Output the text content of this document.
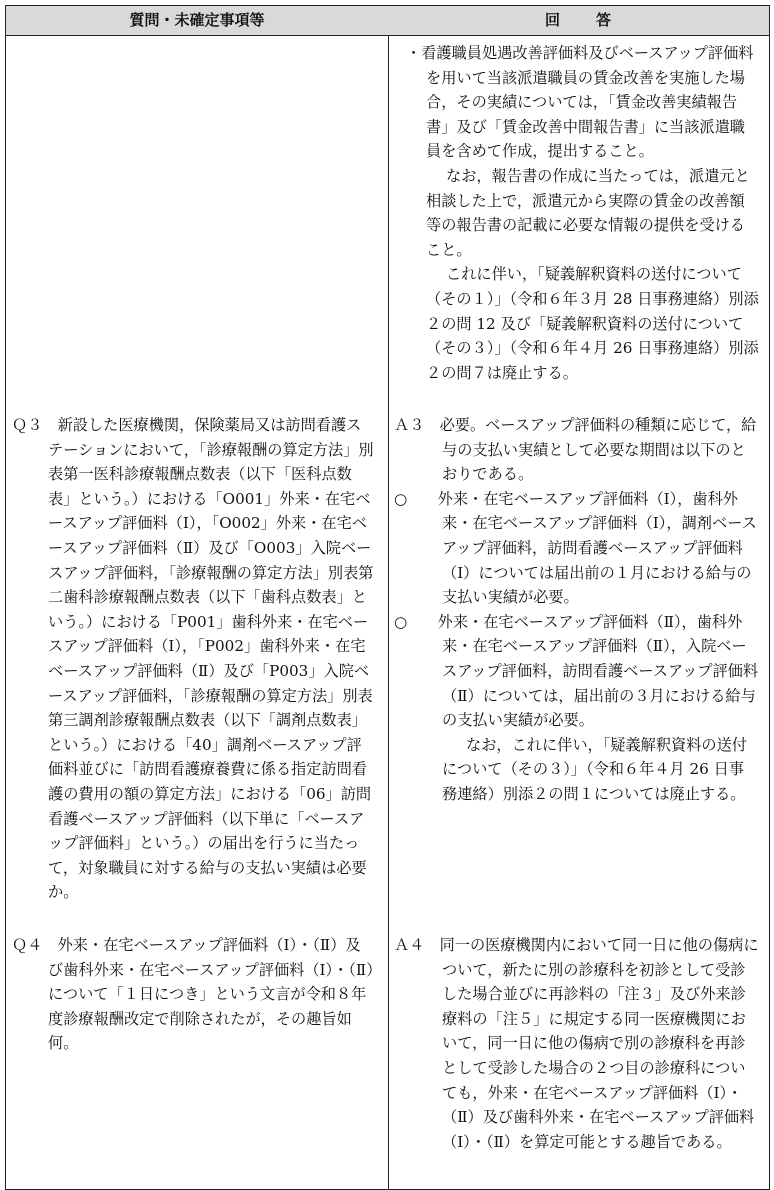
質問・未確定事項等	回　　答

・看護職員処遇改善評価料及びベースアップ評価料を用いて当該派遣職員の賃金改善を実施した場合，その実績については，「賃金改善実績報告書」及び「賃金改善中間報告書」に当該派遣職員を含めて作成，提出すること。

なお，報告書の作成に当たっては，派遣元と相談した上で，派遣元から実際の賃金の改善額等の報告書の記載に必要な情報の提供を受けること。

これに伴い，「疑義解釈資料の送付について（その１）」（令和６年３月 28 日事務連絡）別添２の問 12 及び「疑義解釈資料の送付について（その３）」（令和６年４月 26 日事務連絡）別添２の問７は廃止する。

Ｑ３　 新設した医療機関，保険薬局又は訪問看護ステーションにおいて，「診療報酬の算定方法」別表第一医科診療報酬点数表（以下「医科点数表」という。）における「O001」外来・在宅ベースアップ評価料（Ⅰ），「O002」外来・在宅ベースアップ評価料（Ⅱ）及び「O003」入院ベースアップ評価料，「診療報酬の算定方法」別表第二歯科診療報酬点数表（以下「歯科点数表」という。）における「P001」歯科外来・在宅ベースアップ評価料（Ⅰ），「P002」歯科外来・在宅ベースアップ評価料（Ⅱ）及び「P003」入院ベースアップ評価料，「診療報酬の算定方法」別表第三調剤診療報酬点数表（以下「調剤点数表」という。）における「40」調剤ベースアップ評価料並びに「訪問看護療養費に係る指定訪問看護の費用の額の算定方法」における「06」訪問看護ベースアップ評価料（以下単に「ベースアップ評価料」という。）の届出を行うに当たって，対象職員に対する給与の支払い実績は必要か。

Ａ３　 必要。ベースアップ評価料の種類に応じて，給与の支払い実績として必要な期間は以下のとおりである。

○　　 外来・在宅ベースアップ評価料（Ⅰ），歯科外来・在宅ベースアップ評価料（Ⅰ），調剤ベースアップ評価料，訪問看護ベースアップ評価料（Ⅰ）については届出前の１月における給与の支払い実績が必要。

○　　 外来・在宅ベースアップ評価料（Ⅱ），歯科外来・在宅ベースアップ評価料（Ⅱ），入院ベースアップ評価料，訪問看護ベースアップ評価料（Ⅱ）については，届出前の３月における給与の支払い実績が必要。

なお，これに伴い，「疑義解釈資料の送付について（その３）」（令和６年４月 26 日事務連絡）別添２の問１については廃止する。

Ｑ４　 外来・在宅ベースアップ評価料（Ⅰ）・（Ⅱ）及び歯科外来・在宅ベースアップ評価料（Ⅰ）・（Ⅱ）について「１日につき」という文言が令和８年度診療報酬改定で削除されたが，その趣旨如何。

Ａ４　 同一の医療機関内において同一日に他の傷病について，新たに別の診療科を初診として受診した場合並びに再診料の「注３」及び外来診療料の「注５」に規定する同一医療機関において，同一日に他の傷病で別の診療科を再診として受診した場合の２つ目の診療科についても，外来・在宅ベースアップ評価料（Ⅰ）・（Ⅱ）及び歯科外来・在宅ベースアップ評価料（Ⅰ）・（Ⅱ）を算定可能とする趣旨である。
